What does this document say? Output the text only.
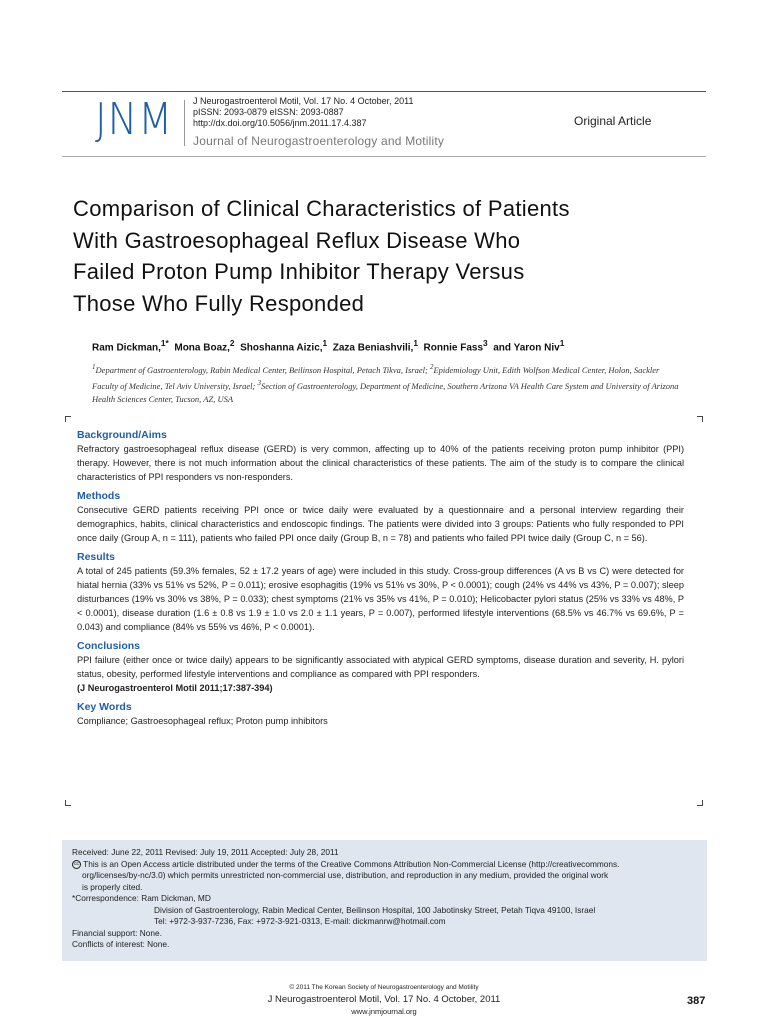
JNM J Neurogastroenterol Motil, Vol. 17 No. 4 October, 2011
pISSN: 2093-0879 eISSN: 2093-0887
http://dx.doi.org/10.5056/jnm.2011.17.4.387
Journal of Neurogastroenterology and Motility
Original Article
Comparison of Clinical Characteristics of Patients
With Gastroesophageal Reflux Disease Who
Failed Proton Pump Inhibitor Therapy Versus
Those Who Fully Responded
Ram Dickman,$^{1*}$ Mona Boaz,$^2$ Shoshanna Aizic,$^1$ Zaza Beniashvili,$^1$ Ronnie Fass$^3$ and Yaron Niv$^1$
$^1$Department of Gastroenterology, Rabin Medical Center, Beilinson Hospital, Petach Tikva, Israel; $^2$Epidemiology Unit, Edith Wolfson Medical Center, Holon, Sackler Faculty of Medicine, Tel Aviv University, Israel; $^3$Section of Gastroenterology, Department of Medicine, Southern Arizona VA Health Care System and University of Arizona Health Sciences Center, Tucson, AZ, USA
Background/Aims
Refractory gastroesophageal reflux disease (GERD) is very common, affecting up to 40% of the patients receiving proton pump inhibitor (PPI) therapy. However, there is not much information about the clinical characteristics of these patients. The aim of the study is to compare the clinical characteristics of PPI responders vs non-responders.
Methods
Consecutive GERD patients receiving PPI once or twice daily were evaluated by a questionnaire and a personal interview regarding their demographics, habits, clinical characteristics and endoscopic findings. The patients were divided into 3 groups: Patients who fully responded to PPI once daily (Group A, n = 111), patients who failed PPI once daily (Group B, n = 78) and patients who failed PPI twice daily (Group C, n = 56).
Results
A total of 245 patients (59.3% females, 52 ± 17.2 years of age) were included in this study. Cross-group differences (A vs B vs C) were detected for hiatal hernia (33% vs 51% vs 52%, P = 0.011); erosive esophagitis (19% vs 51% vs 30%, P < 0.0001); cough (24% vs 44% vs 43%, P = 0.007); sleep disturbances (19% vs 30% vs 38%, P = 0.033); chest symptoms (21% vs 35% vs 41%, P = 0.010); Helicobacter pylori status (25% vs 33% vs 48%, P < 0.0001), disease duration (1.6 ± 0.8 vs 1.9 ± 1.0 vs 2.0 ± 1.1 years, P = 0.007), performed lifestyle interventions (68.5% vs 46.7% vs 69.6%, P = 0.043) and compliance (84% vs 55% vs 46%, P < 0.0001).
Conclusions
PPI failure (either once or twice daily) appears to be significantly associated with atypical GERD symptoms, disease duration and severity, H. pylori status, obesity, performed lifestyle interventions and compliance as compared with PPI responders.
(J Neurogastroenterol Motil 2011;17:387-394)
Key Words
Compliance; Gastroesophageal reflux; Proton pump inhibitors
Received: June 22, 2011 Revised: July 19, 2011 Accepted: July 28, 2011
cc This is an Open Access article distributed under the terms of the Creative Commons Attribution Non-Commercial License (http://creativecommons.
org/licenses/by-nc/3.0) which permits unrestricted non-commercial use, distribution, and reproduction in any medium, provided the original work
is properly cited.
*Correspondence: Ram Dickman, MD
Division of Gastroenterology, Rabin Medical Center, Beilinson Hospital, 100 Jabotinsky Street, Petah Tiqva 49100, Israel
Tel: +972-3-937-7236, Fax: +972-3-921-0313, E-mail: dickmanrw@hotmail.com
Financial support: None.
Conflicts of interest: None.
© 2011 The Korean Society of Neurogastroenterology and Motility
J Neurogastroenterol Motil, Vol. 17 No. 4 October, 2011
www.jnmjournal.org
387
